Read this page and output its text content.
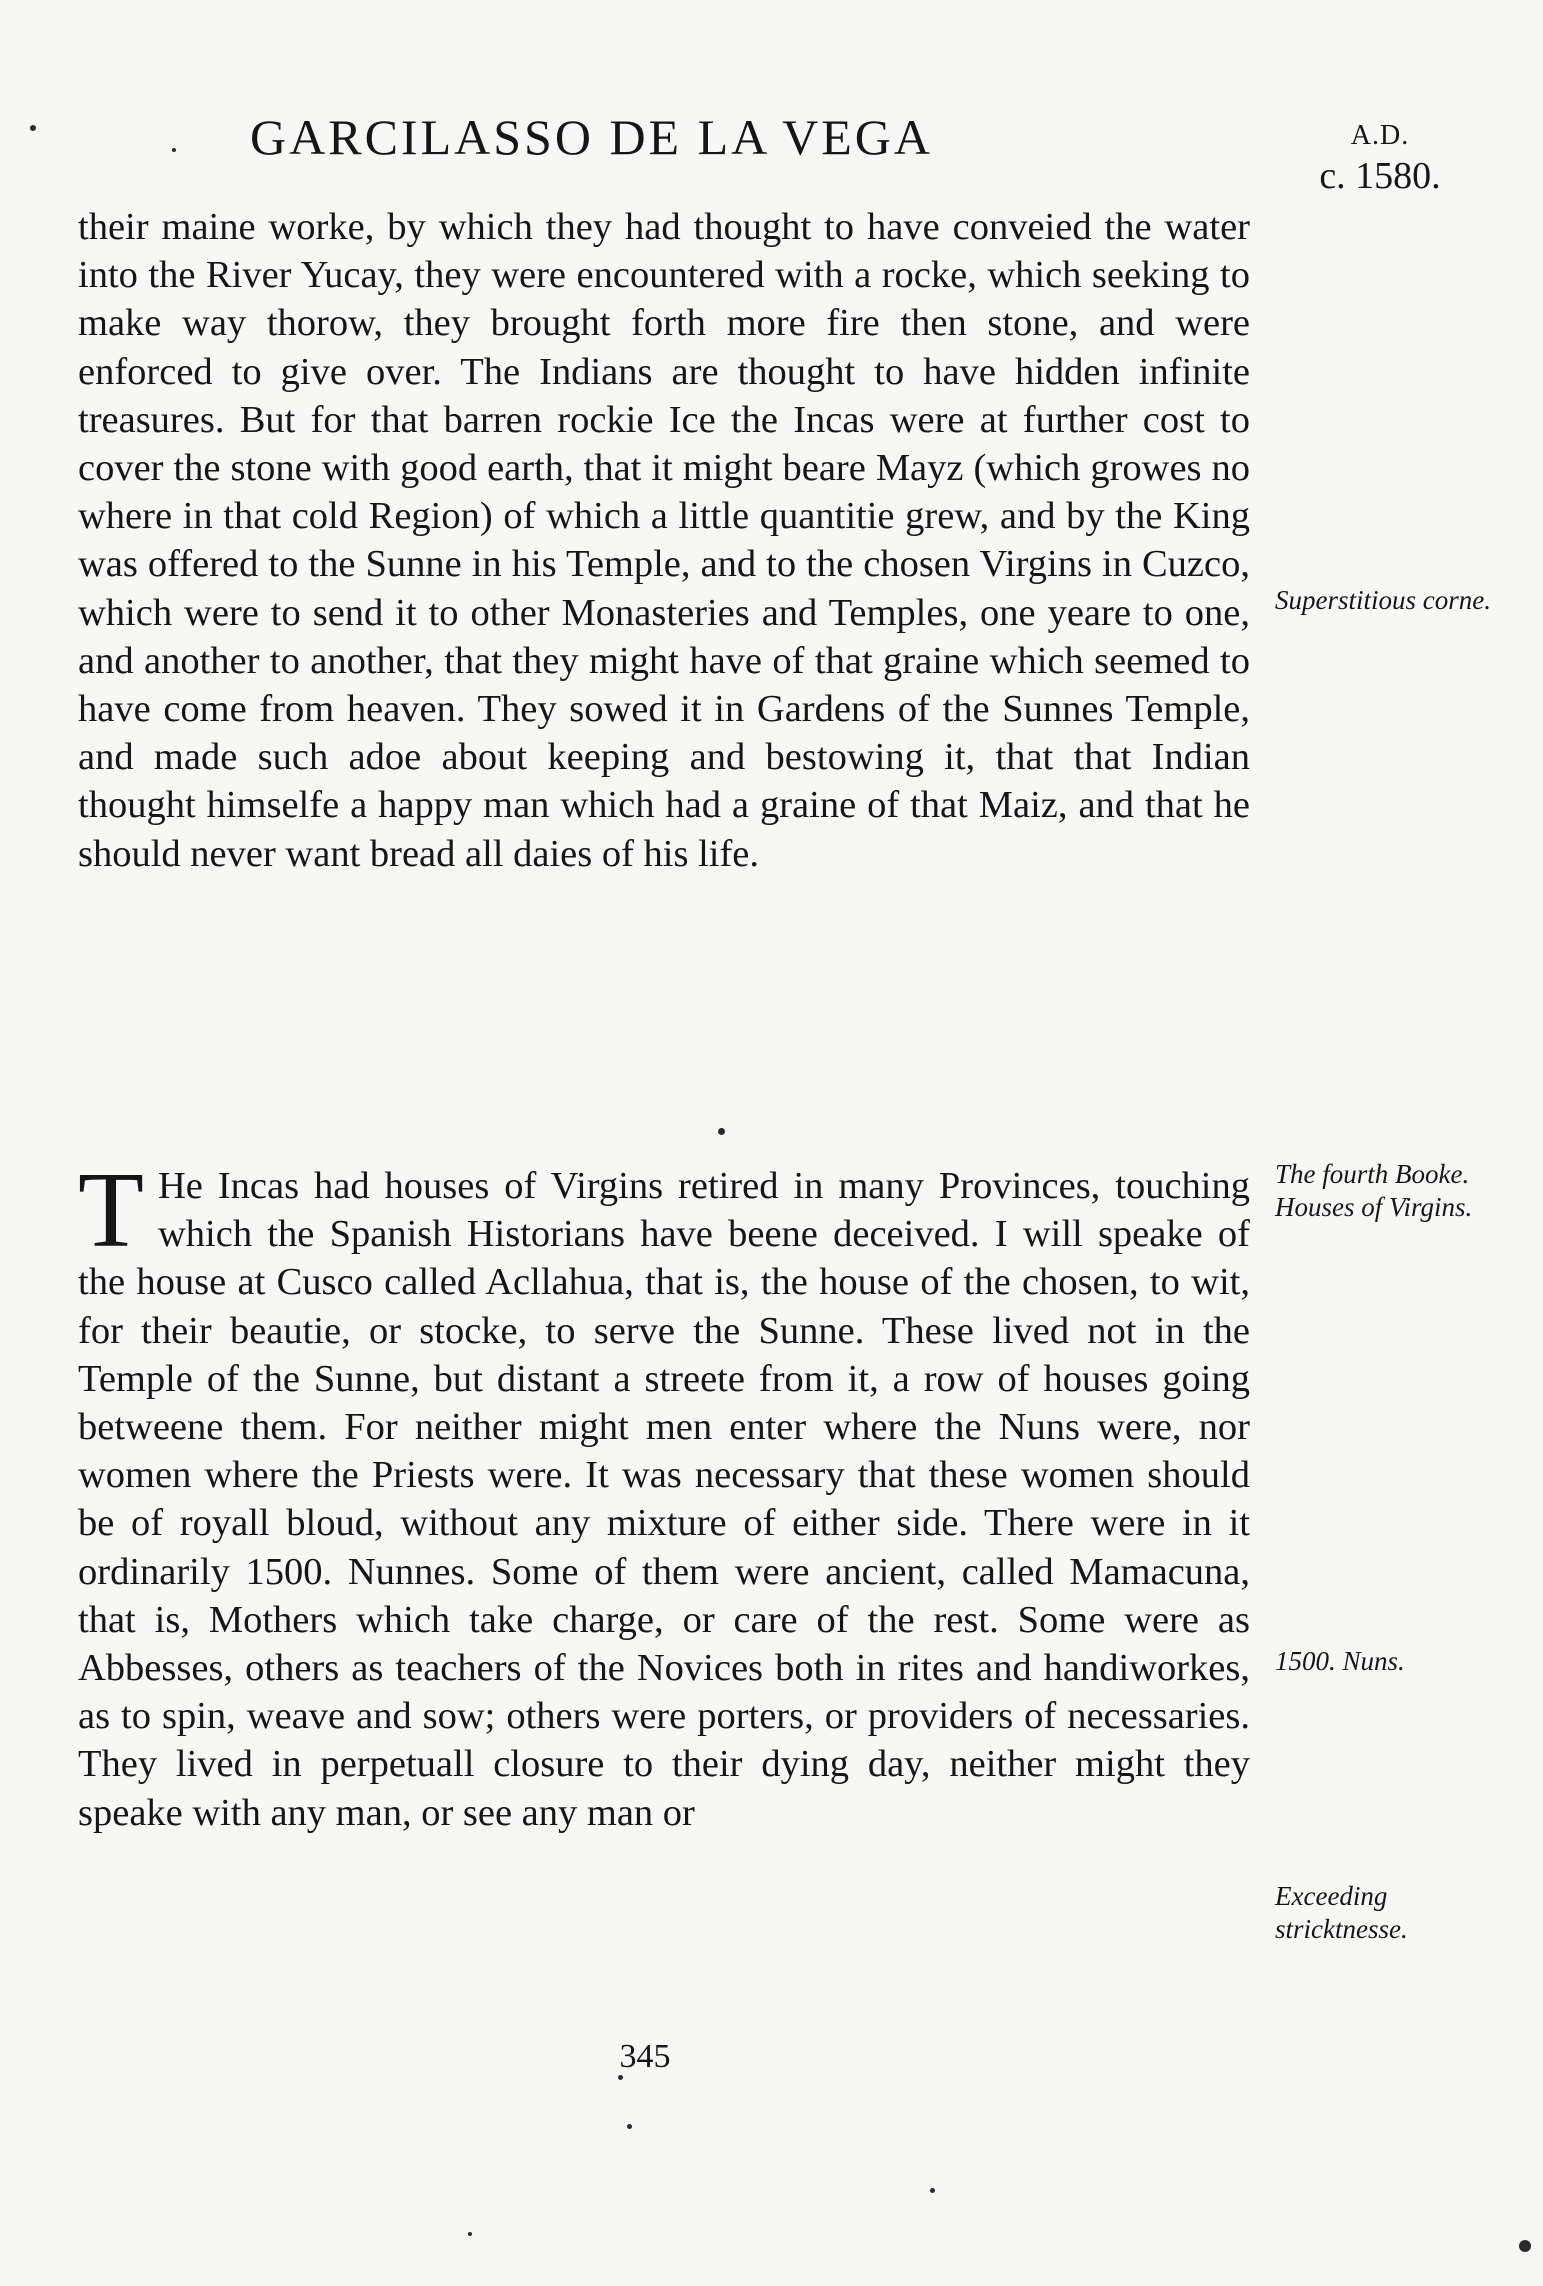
GARCILASSO DE LA VEGA	A.D.
c. 1580.

their maine worke, by which they had thought to have conveied the water into the River Yucay, they were encountered with a rocke, which seeking to make way thorow, they brought forth more fire then stone, and were enforced to give over. The Indians are thought to have hidden infinite treasures. But for that barren rockie Ice the Incas were at further cost to cover the stone with good earth, that it might beare Mayz (which growes no where in that cold Region) of which a little quantitie grew, and by the King was offered to the Sunne in his Temple, and to the chosen Virgins in Cuzco, which were to send it to other Monasteries and Temples, one yeare to one, and another to another, that they might have of that graine which seemed to have come from heaven. They sowed it in Gardens of the Sunnes Temple, and made such adoe about keeping and bestowing it, that that Indian thought himselfe a happy man which had a graine of that Maiz, and that he should never want bread all daies of his life.

T He Incas had houses of Virgins retired in many Provinces, touching which the Spanish Historians have beene deceived. I will speake of the house at Cusco called Acllahua, that is, the house of the chosen, to wit, for their beautie, or stocke, to serve the Sunne. These lived not in the Temple of the Sunne, but distant a streete from it, a row of houses going betweene them. For neither might men enter where the Nuns were, nor women where the Priests were. It was necessary that these women should be of royall bloud, without any mixture of either side. There were in it ordinarily 1500. Nunnes. Some of them were ancient, called Mamacuna, that is, Mothers which take charge, or care of the rest. Some were as Abbesses, others as teachers of the Novices both in rites and handiworkes, as to spin, weave and sow; others were porters, or providers of necessaries. They lived in perpetuall closure to their dying day, neither might they speake with any man, or see any man or

Superstitious corne.
The fourth Booke. Houses of Virgins.
1500. Nuns.
Exceeding stricktnesse.
345
